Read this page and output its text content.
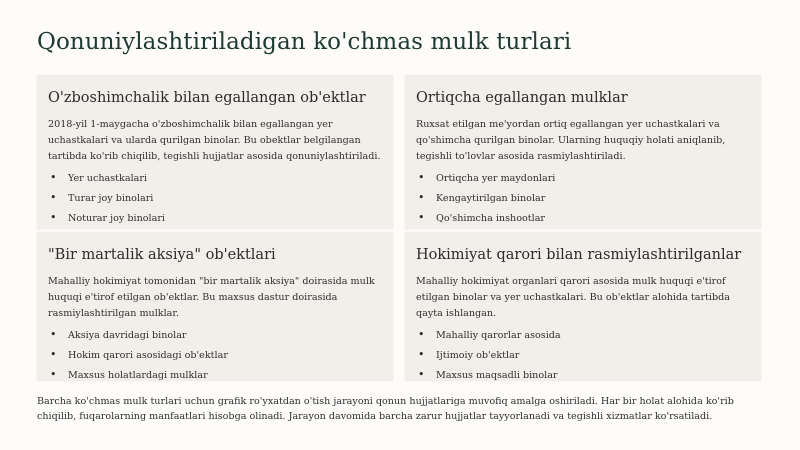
Qonuniylashtiriladigan ko'chmas mulk turlari
O'zboshimchalik bilan egallangan ob'ektlar
2018-yil 1-maygacha o'zboshimchalik bilan egallangan yer uchastkalari va ularda qurilgan binolar. Bu obektlar belgilangan tartibda ko'rib chiqilib, tegishli hujjatlar asosida qonuniylashtiriladi.
• Yer uchastkalari
• Turar joy binolari
• Noturar joy binolari
Ortiqcha egallangan mulklar
Ruxsat etilgan me'yordan ortiq egallangan yer uchastkalari va qo'shimcha qurilgan binolar. Ularning huquqiy holati aniqlanib, tegishli to'lovlar asosida rasmiylashtiriladi.
• Ortiqcha yer maydonlari
• Kengaytirilgan binolar
• Qo'shimcha inshootlar
"Bir martalik aksiya" ob'ektlari
Mahalliy hokimiyat tomonidan "bir martalik aksiya" doirasida mulk huquqi e'tirof etilgan ob'ektlar. Bu maxsus dastur doirasida rasmiylashtirilgan mulklar.
• Aksiya davridagi binolar
• Hokim qarori asosidagi ob'ektlar
• Maxsus holatlardagi mulklar
Hokimiyat qarori bilan rasmiylashtirilganlar
Mahalliy hokimiyat organlari qarori asosida mulk huquqi e'tirof etilgan binolar va yer uchastkalari. Bu ob'ektlar alohida tartibda qayta ishlangan.
• Mahalliy qarorlar asosida
• Ijtimoiy ob'ektlar
• Maxsus maqsadli binolar
Barcha ko'chmas mulk turlari uchun grafik ro'yxatdan o'tish jarayoni qonun hujjatlariga muvofiq amalga oshiriladi. Har bir holat alohida ko'rib chiqilib, fuqarolarning manfaatlari hisobga olinadi. Jarayon davomida barcha zarur hujjatlar tayyorlanadi va tegishli xizmatlar ko'rsatiladi.
